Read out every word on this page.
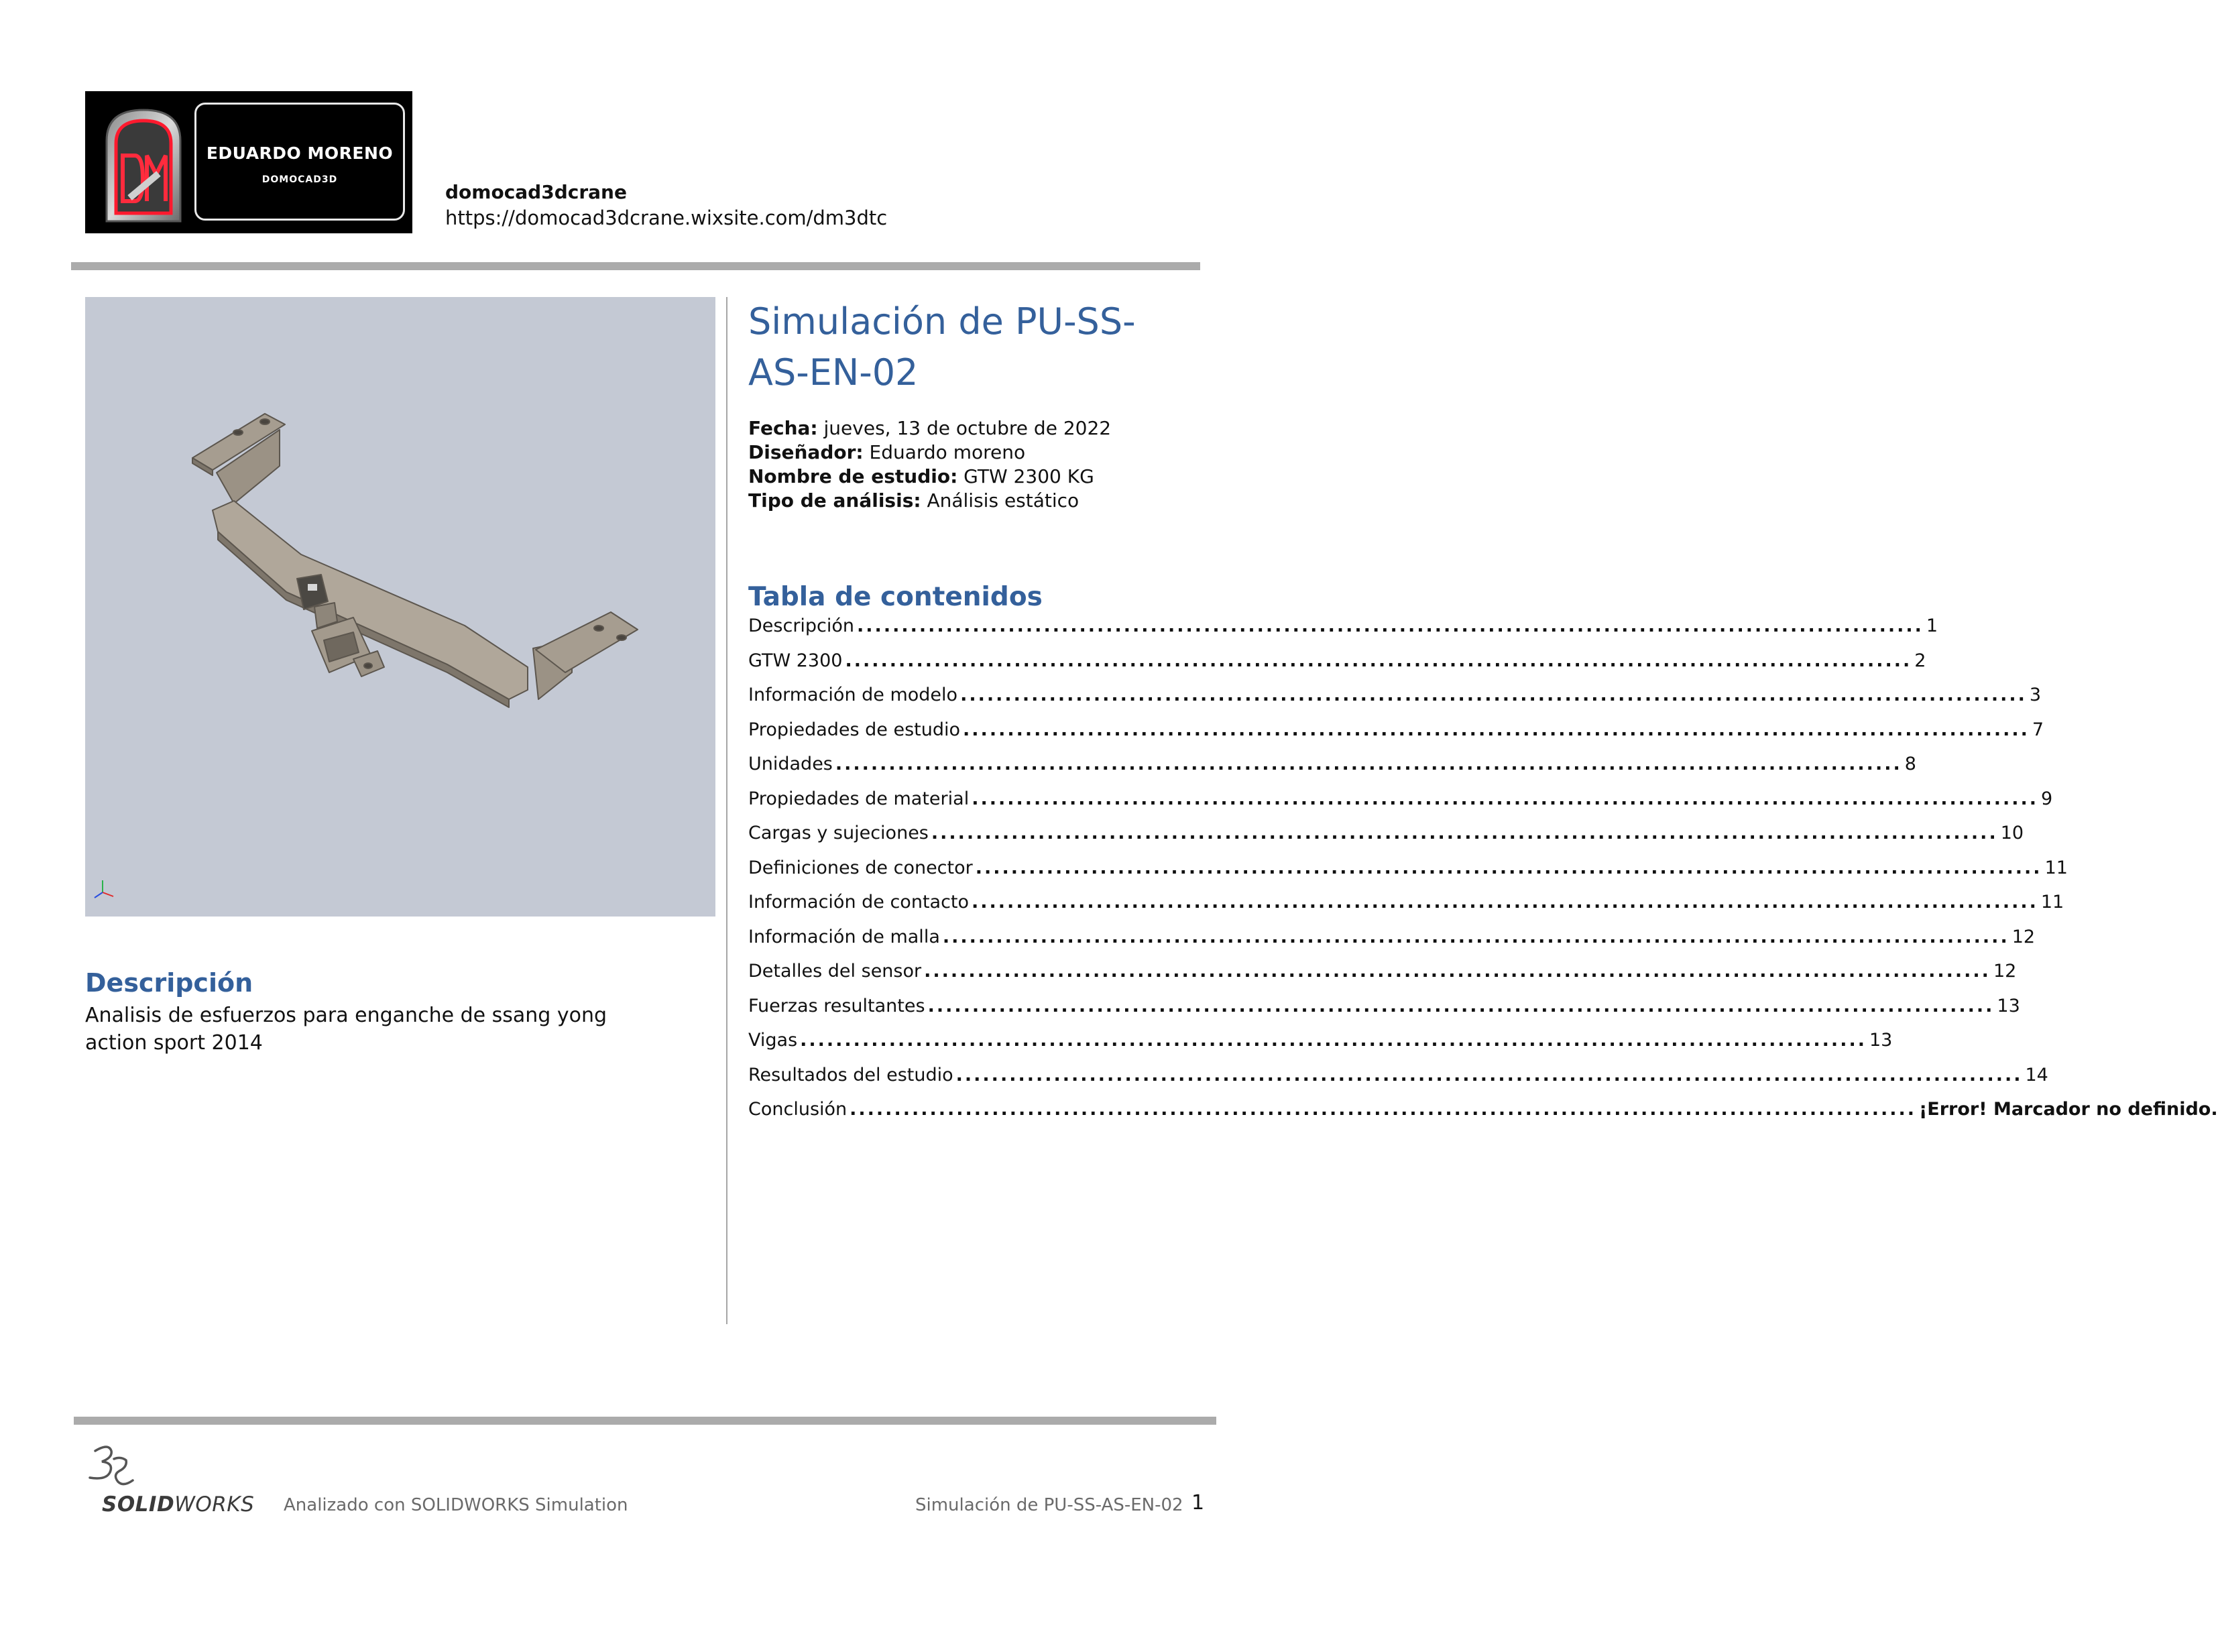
EDUARDO MORENO
DOMOCAD3D
domocad3dcrane
https://domocad3dcrane.wixsite.com/dm3dtc
Descripción
Analisis de esfuerzos para enganche de ssang yong action sport 2014
Simulación de PU-SS-AS-EN-02
Fecha: jueves, 13 de octubre de 2022
Diseñador: Eduardo moreno
Nombre de estudio: GTW 2300 KG
Tipo de análisis: Análisis estático
Tabla de contenidos
Descripción ........................................................................................................................ 1
GTW 2300 ........................................................................................................................ 2
Información de modelo ........................................................................................................................ 3
Propiedades de estudio ........................................................................................................................ 7
Unidades ........................................................................................................................ 8
Propiedades de material ........................................................................................................................ 9
Cargas y sujeciones ........................................................................................................................ 10
Definiciones de conector ........................................................................................................................ 11
Información de contacto ........................................................................................................................ 11
Información de malla ........................................................................................................................ 12
Detalles del sensor ........................................................................................................................ 12
Fuerzas resultantes ........................................................................................................................ 13
Vigas ........................................................................................................................ 13
Resultados del estudio ........................................................................................................................ 14
Conclusión ........................................................................................................................ ¡Error! Marcador no definido.
SOLIDWORKS Analizado con SOLIDWORKS Simulation	Simulación de PU-SS-AS-EN-02 1
